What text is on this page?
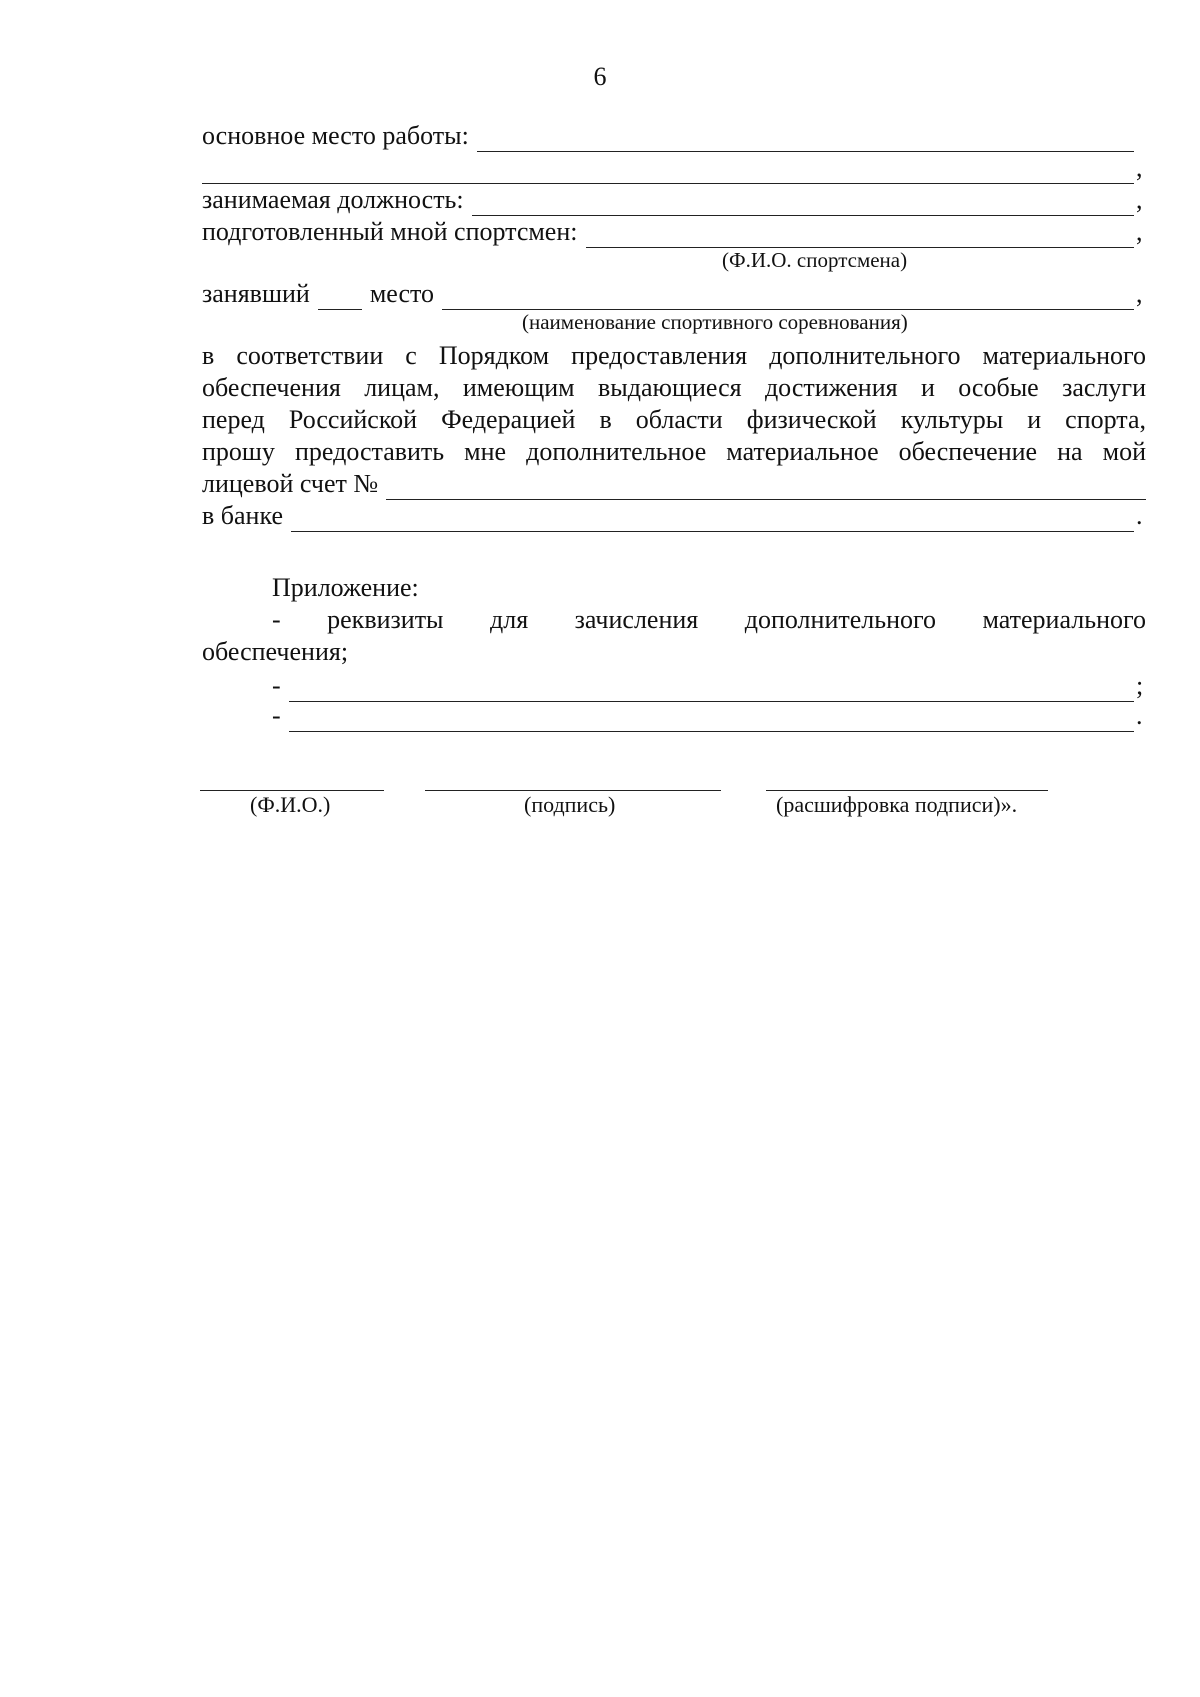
6
основное место работы:
,
занимаемая должность:	,
подготовленный мной спортсмен:	,
(Ф.И.О. спортсмена)
занявший место	,
(наименование спортивного соревнования)
в соответствии с Порядком предоставления дополнительного материального
обеспечения лицам, имеющим выдающиеся достижения и особые заслуги
перед Российской Федерацией в области физической культуры и спорта,
прошу предоставить мне дополнительное материальное обеспечение на мой
лицевой счет №
в банке	.
Приложение:
- реквизиты для зачисления дополнительного материального
обеспечения;
-	;
-	.
(Ф.И.О.)	(подпись)	(расшифровка подписи)».
